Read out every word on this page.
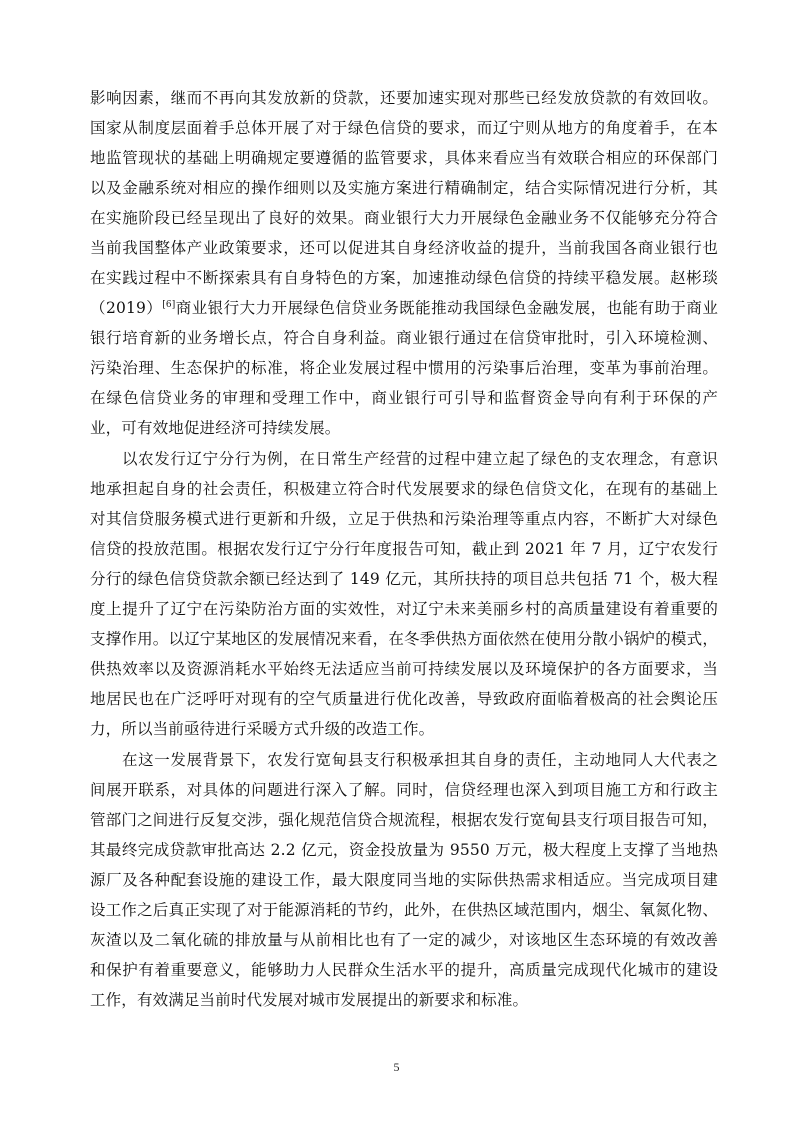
影响因素，继而不再向其发放新的贷款，还要加速实现对那些已经发放贷款的有效回收。
国家从制度层面着手总体开展了对于绿色信贷的要求，而辽宁则从地方的角度着手，在本
地监管现状的基础上明确规定要遵循的监管要求，具体来看应当有效联合相应的环保部门
以及金融系统对相应的操作细则以及实施方案进行精确制定，结合实际情况进行分析，其
在实施阶段已经呈现出了良好的效果。商业银行大力开展绿色金融业务不仅能够充分符合
当前我国整体产业政策要求，还可以促进其自身经济收益的提升，当前我国各商业银行也
在实践过程中不断探索具有自身特色的方案，加速推动绿色信贷的持续平稳发展。赵彬琰
（2019）[6]商业银行大力开展绿色信贷业务既能推动我国绿色金融发展，也能有助于商业
银行培育新的业务增长点，符合自身利益。商业银行通过在信贷审批时，引入环境检测、
污染治理、生态保护的标准，将企业发展过程中惯用的污染事后治理，变革为事前治理。
在绿色信贷业务的审理和受理工作中，商业银行可引导和监督资金导向有利于环保的产
业，可有效地促进经济可持续发展。
以农发行辽宁分行为例，在日常生产经营的过程中建立起了绿色的支农理念，有意识
地承担起自身的社会责任，积极建立符合时代发展要求的绿色信贷文化，在现有的基础上
对其信贷服务模式进行更新和升级，立足于供热和污染治理等重点内容，不断扩大对绿色
信贷的投放范围。根据农发行辽宁分行年度报告可知，截止到 2021 年 7 月，辽宁农发行
分行的绿色信贷贷款余额已经达到了 149 亿元，其所扶持的项目总共包括 71 个，极大程
度上提升了辽宁在污染防治方面的实效性，对辽宁未来美丽乡村的高质量建设有着重要的
支撑作用。以辽宁某地区的发展情况来看，在冬季供热方面依然在使用分散小锅炉的模式，
供热效率以及资源消耗水平始终无法适应当前可持续发展以及环境保护的各方面要求，当
地居民也在广泛呼吁对现有的空气质量进行优化改善，导致政府面临着极高的社会舆论压
力，所以当前亟待进行采暖方式升级的改造工作。
在这一发展背景下，农发行宽甸县支行积极承担其自身的责任，主动地同人大代表之
间展开联系，对具体的问题进行深入了解。同时，信贷经理也深入到项目施工方和行政主
管部门之间进行反复交涉，强化规范信贷合规流程，根据农发行宽甸县支行项目报告可知，
其最终完成贷款审批高达 2.2 亿元，资金投放量为 9550 万元，极大程度上支撑了当地热
源厂及各种配套设施的建设工作，最大限度同当地的实际供热需求相适应。当完成项目建
设工作之后真正实现了对于能源消耗的节约，此外，在供热区域范围内，烟尘、氧氮化物、
灰渣以及二氧化硫的排放量与从前相比也有了一定的减少，对该地区生态环境的有效改善
和保护有着重要意义，能够助力人民群众生活水平的提升，高质量完成现代化城市的建设
工作，有效满足当前时代发展对城市发展提出的新要求和标准。
5
